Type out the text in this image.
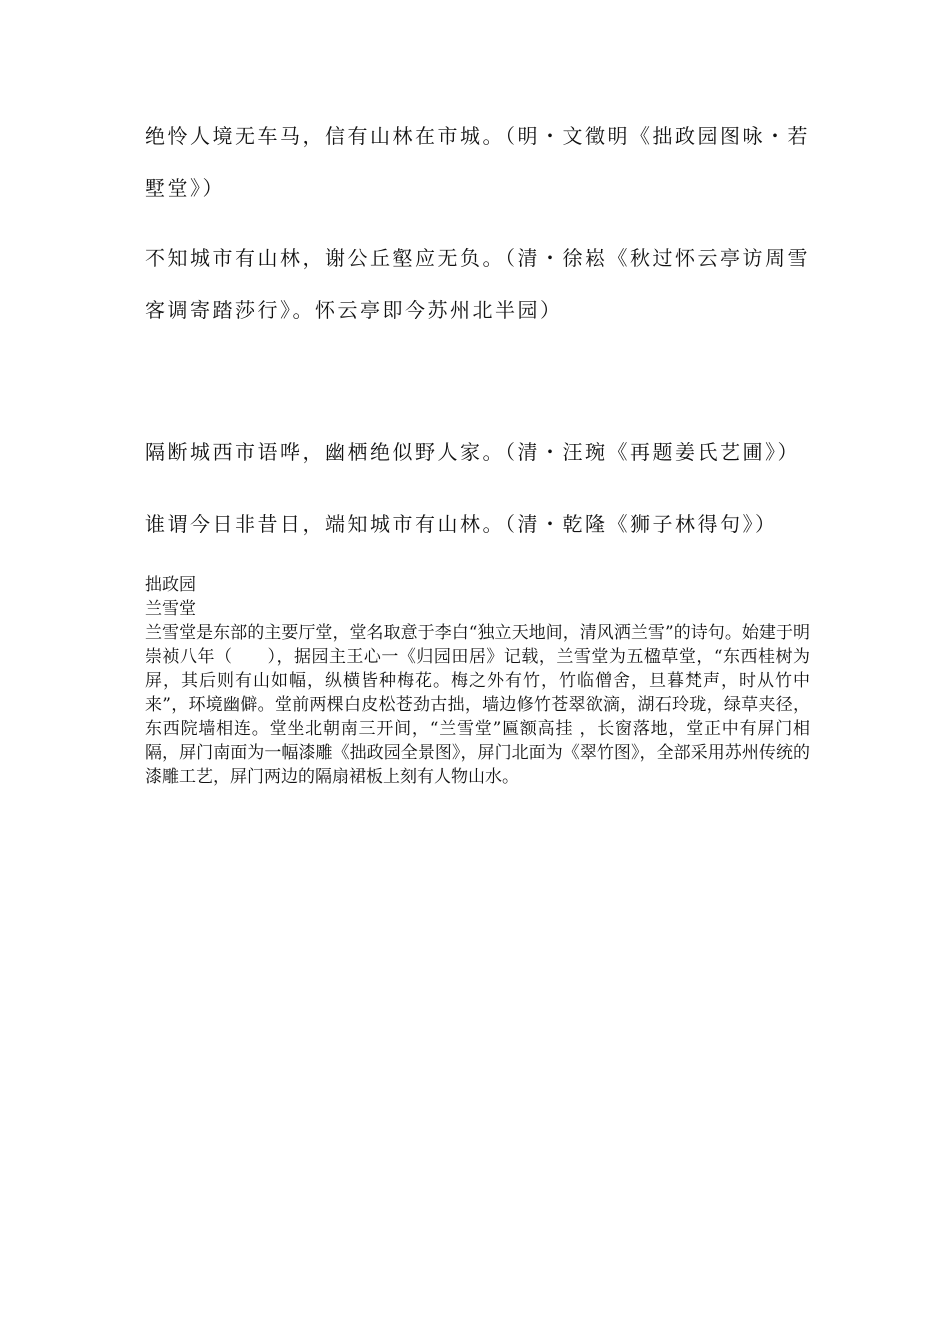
绝怜人境无车马，信有山林在市城。（明・文徵明《拙政园图咏・若墅堂》）

不知城市有山林，谢公丘壑应无负。（清・徐崧《秋过怀云亭访周雪客调寄踏莎行》。怀云亭即今苏州北半园）

隔断城西市语哗，幽栖绝似野人家。（清・汪琬《再题姜氏艺圃》）

谁谓今日非昔日，端知城市有山林。（清・乾隆《狮子林得句》）

拙政园

兰雪堂

兰雪堂是东部的主要厅堂，堂名取意于李白“独立天地间，清风洒兰雪”的诗句。始建于明崇祯八年（　　），据园主王心一《归园田居》记载，兰雪堂为五楹草堂，“东西桂树为屏，其后则有山如幅，纵横皆种梅花。梅之外有竹，竹临僧舍，旦暮梵声，时从竹中来”，环境幽僻。堂前两棵白皮松苍劲古拙，墙边修竹苍翠欲滴，湖石玲珑，绿草夹径，东西院墙相连。堂坐北朝南三开间，“兰雪堂”匾额高挂 ，长窗落地，堂正中有屏门相隔，屏门南面为一幅漆雕《拙政园全景图》，屏门北面为《翠竹图》，全部采用苏州传统的漆雕工艺，屏门两边的隔扇裙板上刻有人物山水。
